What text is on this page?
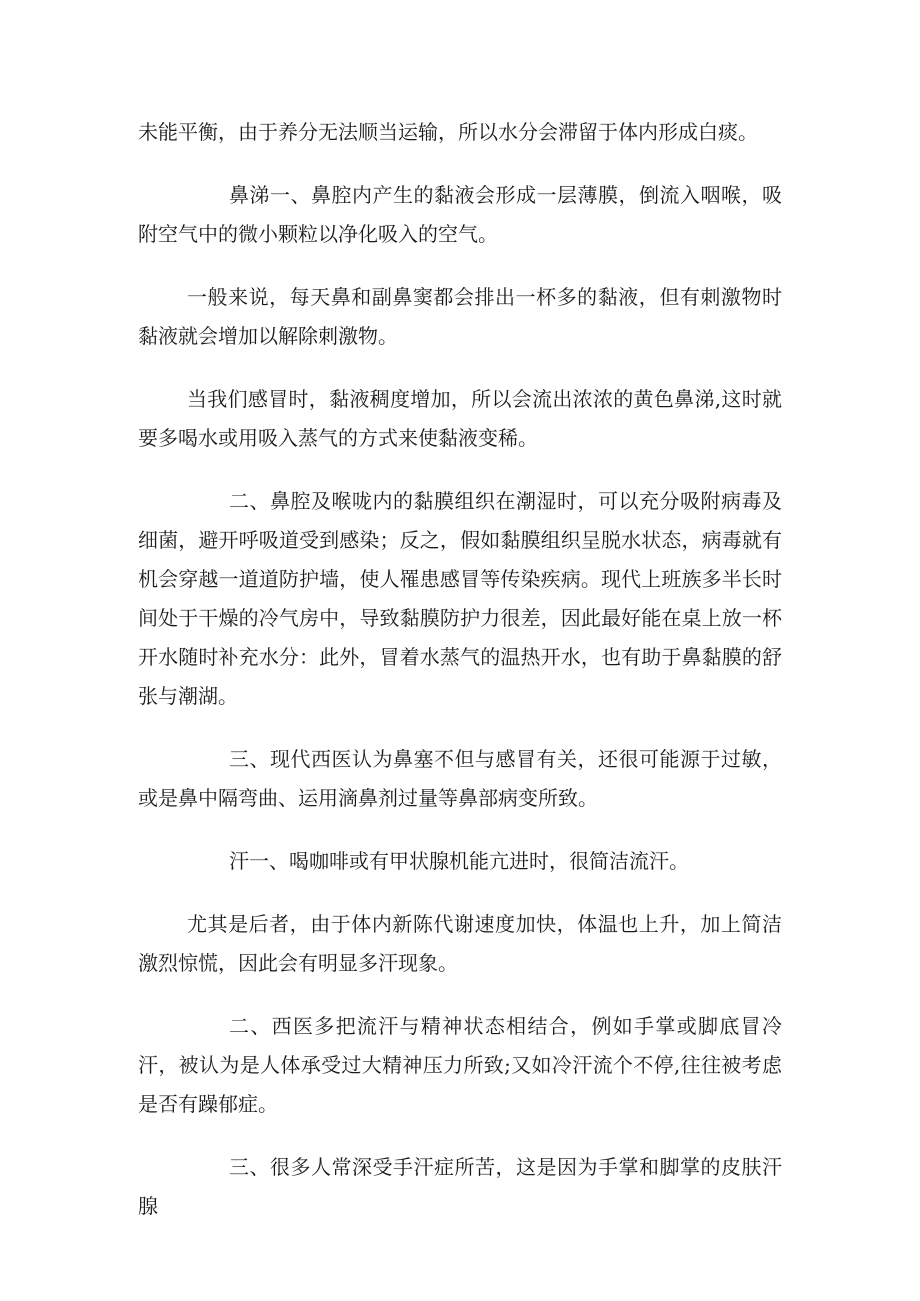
未能平衡，由于养分无法顺当运输，所以水分会滞留于体内形成白痰。

鼻涕一、鼻腔内产生的黏液会形成一层薄膜，倒流入咽喉，吸附空气中的微小颗粒以净化吸入的空气。

一般来说，每天鼻和副鼻窦都会排出一杯多的黏液，但有刺激物时黏液就会增加以解除刺激物。

当我们感冒时，黏液稠度增加，所以会流出浓浓的黄色鼻涕,这时就要多喝水或用吸入蒸气的方式来使黏液变稀。

二、鼻腔及喉咙内的黏膜组织在潮湿时，可以充分吸附病毒及细菌，避开呼吸道受到感染；反之，假如黏膜组织呈脱水状态，病毒就有机会穿越一道道防护墙，使人罹患感冒等传染疾病。现代上班族多半长时间处于干燥的冷气房中，导致黏膜防护力很差，因此最好能在桌上放一杯开水随时补充水分：此外，冒着水蒸气的温热开水，也有助于鼻黏膜的舒张与潮湖。

三、现代西医认为鼻塞不但与感冒有关，还很可能源于过敏，或是鼻中隔弯曲、运用滴鼻剂过量等鼻部病变所致。

汗一、喝咖啡或有甲状腺机能亢进时，很简洁流汗。

尤其是后者，由于体内新陈代谢速度加快，体温也上升，加上简洁激烈惊慌，因此会有明显多汗现象。

二、西医多把流汗与精神状态相结合，例如手掌或脚底冒冷汗，被认为是人体承受过大精神压力所致;又如冷汗流个不停,往往被考虑是否有躁郁症。

三、很多人常深受手汗症所苦，这是因为手掌和脚掌的皮肤汗腺
